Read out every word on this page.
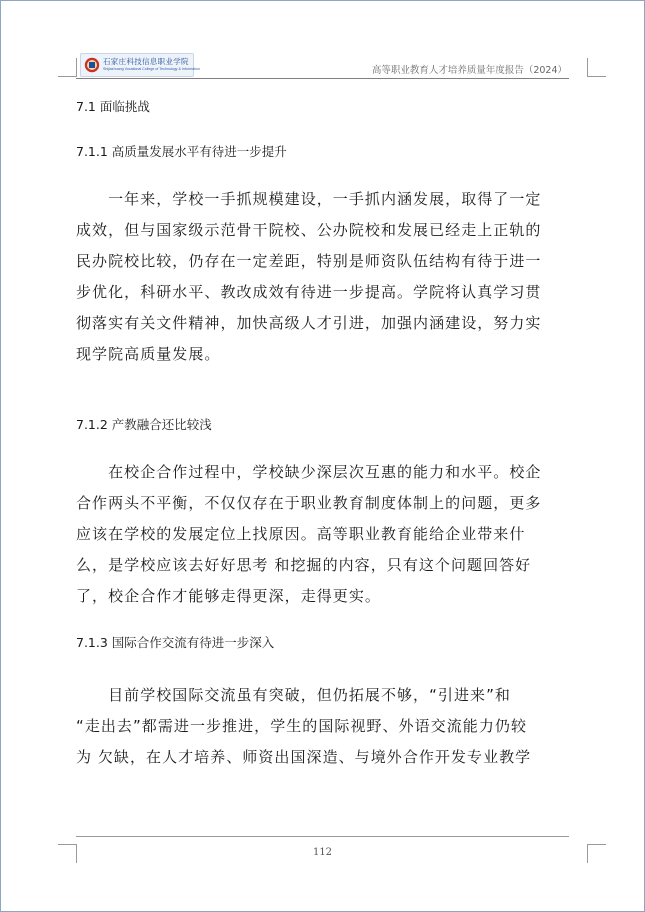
石家庄科技信息职业学院
Shijiazhuang Vocational College of Technology & Information	高等职业教育人才培养质量年度报告（2024）
7.1 面临挑战
7.1.1 高质量发展水平有待进一步提升
　　一年来，学校一手抓规模建设，一手抓内涵发展，取得了一定
成效，但与国家级示范骨干院校、公办院校和发展已经走上正轨的
民办院校比较，仍存在一定差距，特别是师资队伍结构有待于进一
步优化，科研水平、教改成效有待进一步提高。学院将认真学习贯
彻落实有关文件精神，加快高级人才引进，加强内涵建设，努力实
现学院高质量发展。
7.1.2 产教融合还比较浅
　　在校企合作过程中，学校缺少深层次互惠的能力和水平。校企
合作两头不平衡，不仅仅存在于职业教育制度体制上的问题，更多
应该在学校的发展定位上找原因。高等职业教育能给企业带来什
么，是学校应该去好好思考 和挖掘的内容，只有这个问题回答好
了，校企合作才能够走得更深，走得更实。
7.1.3 国际合作交流有待进一步深入
　　目前学校国际交流虽有突破，但仍拓展不够，“引进来”和
“走出去”都需进一步推进，学生的国际视野、外语交流能力仍较
为 欠缺，在人才培养、师资出国深造、与境外合作开发专业教学
112
